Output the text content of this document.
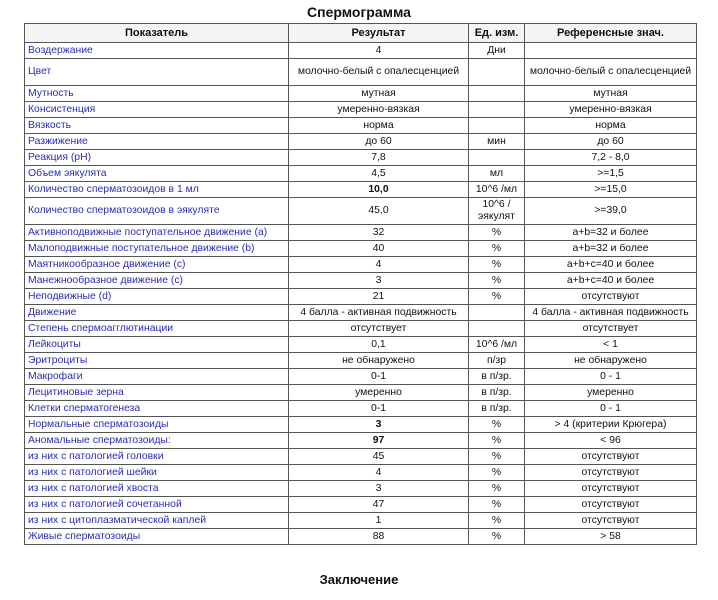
Спермограмма
Показатель	Результат	Ед. изм.	Референсные знач.
Воздержание	4	Дни	
Цвет	молочно-белый с опалесценцией		молочно-белый с опалесценцией
Мутность	мутная		мутная
Консистенция	умеренно-вязкая		умеренно-вязкая
Вязкость	норма		норма
Разжижение	до 60	мин	до 60
Реакция (pH)	7,8		7,2 - 8,0
Объем эякулята	4,5	мл	>=1,5
Количество сперматозоидов в 1 мл	10,0	10^6 /мл	>=15,0
Количество сперматозоидов в эякуляте	45,0	10^6 /эякулят	>=39,0
Активноподвижные поступательное движение (a)	32	%	a+b=32 и более
Малоподвижные поступательное движение (b)	40	%	a+b=32 и более
Маятникообразное движение (c)	4	%	a+b+c=40 и более
Манежнообразное движение (c)	3	%	a+b+c=40 и более
Неподвижные (d)	21	%	отсутствуют
Движение	4 балла - активная подвижность		4 балла - активная подвижность
Степень спермоагглютинации	отсутствует		отсутствует
Лейкоциты	0,1	10^6 /мл	< 1
Эритроциты	не обнаружено	п/зр	не обнаружено
Макрофаги	0-1	в п/зр.	0 - 1
Лецитиновые зерна	умеренно	в п/зр.	умеренно
Клетки сперматогенеза	0-1	в п/зр.	0 - 1
Нормальные сперматозоиды	3	%	> 4 (критерии Крюгера)
Аномальные сперматозоиды:	97	%	< 96
из них с патологией головки	45	%	отсутствуют
из них с патологией шейки	4	%	отсутствуют
из них с патологией хвоста	3	%	отсутствуют
из них с патологией сочетанной	47	%	отсутствуют
из них с цитоплазматической каплей	1	%	отсутствуют
Живые сперматозоиды	88	%	> 58
Заключение
